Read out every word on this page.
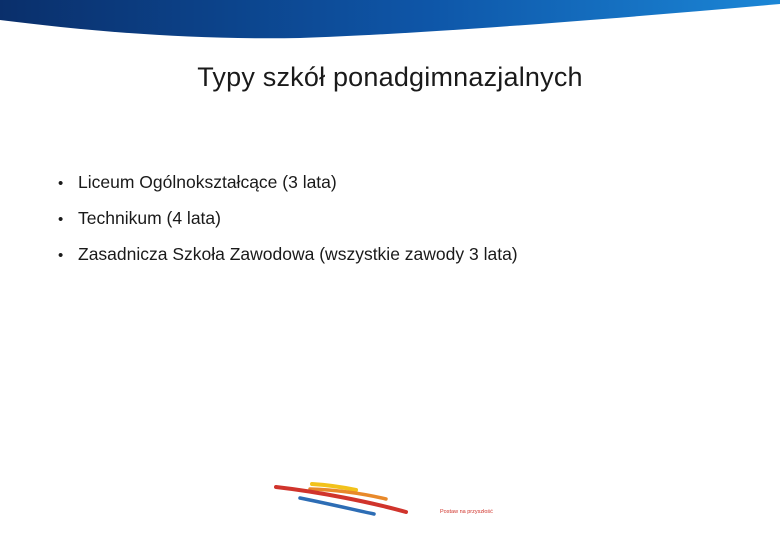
Typy szkół ponadgimnazjalnych
• Liceum Ogólnokształcące (3 lata)
• Technikum (4 lata)
• Zasadnicza Szkoła Zawodowa (wszystkie zawody 3 lata)
Postaw na przyszłość
